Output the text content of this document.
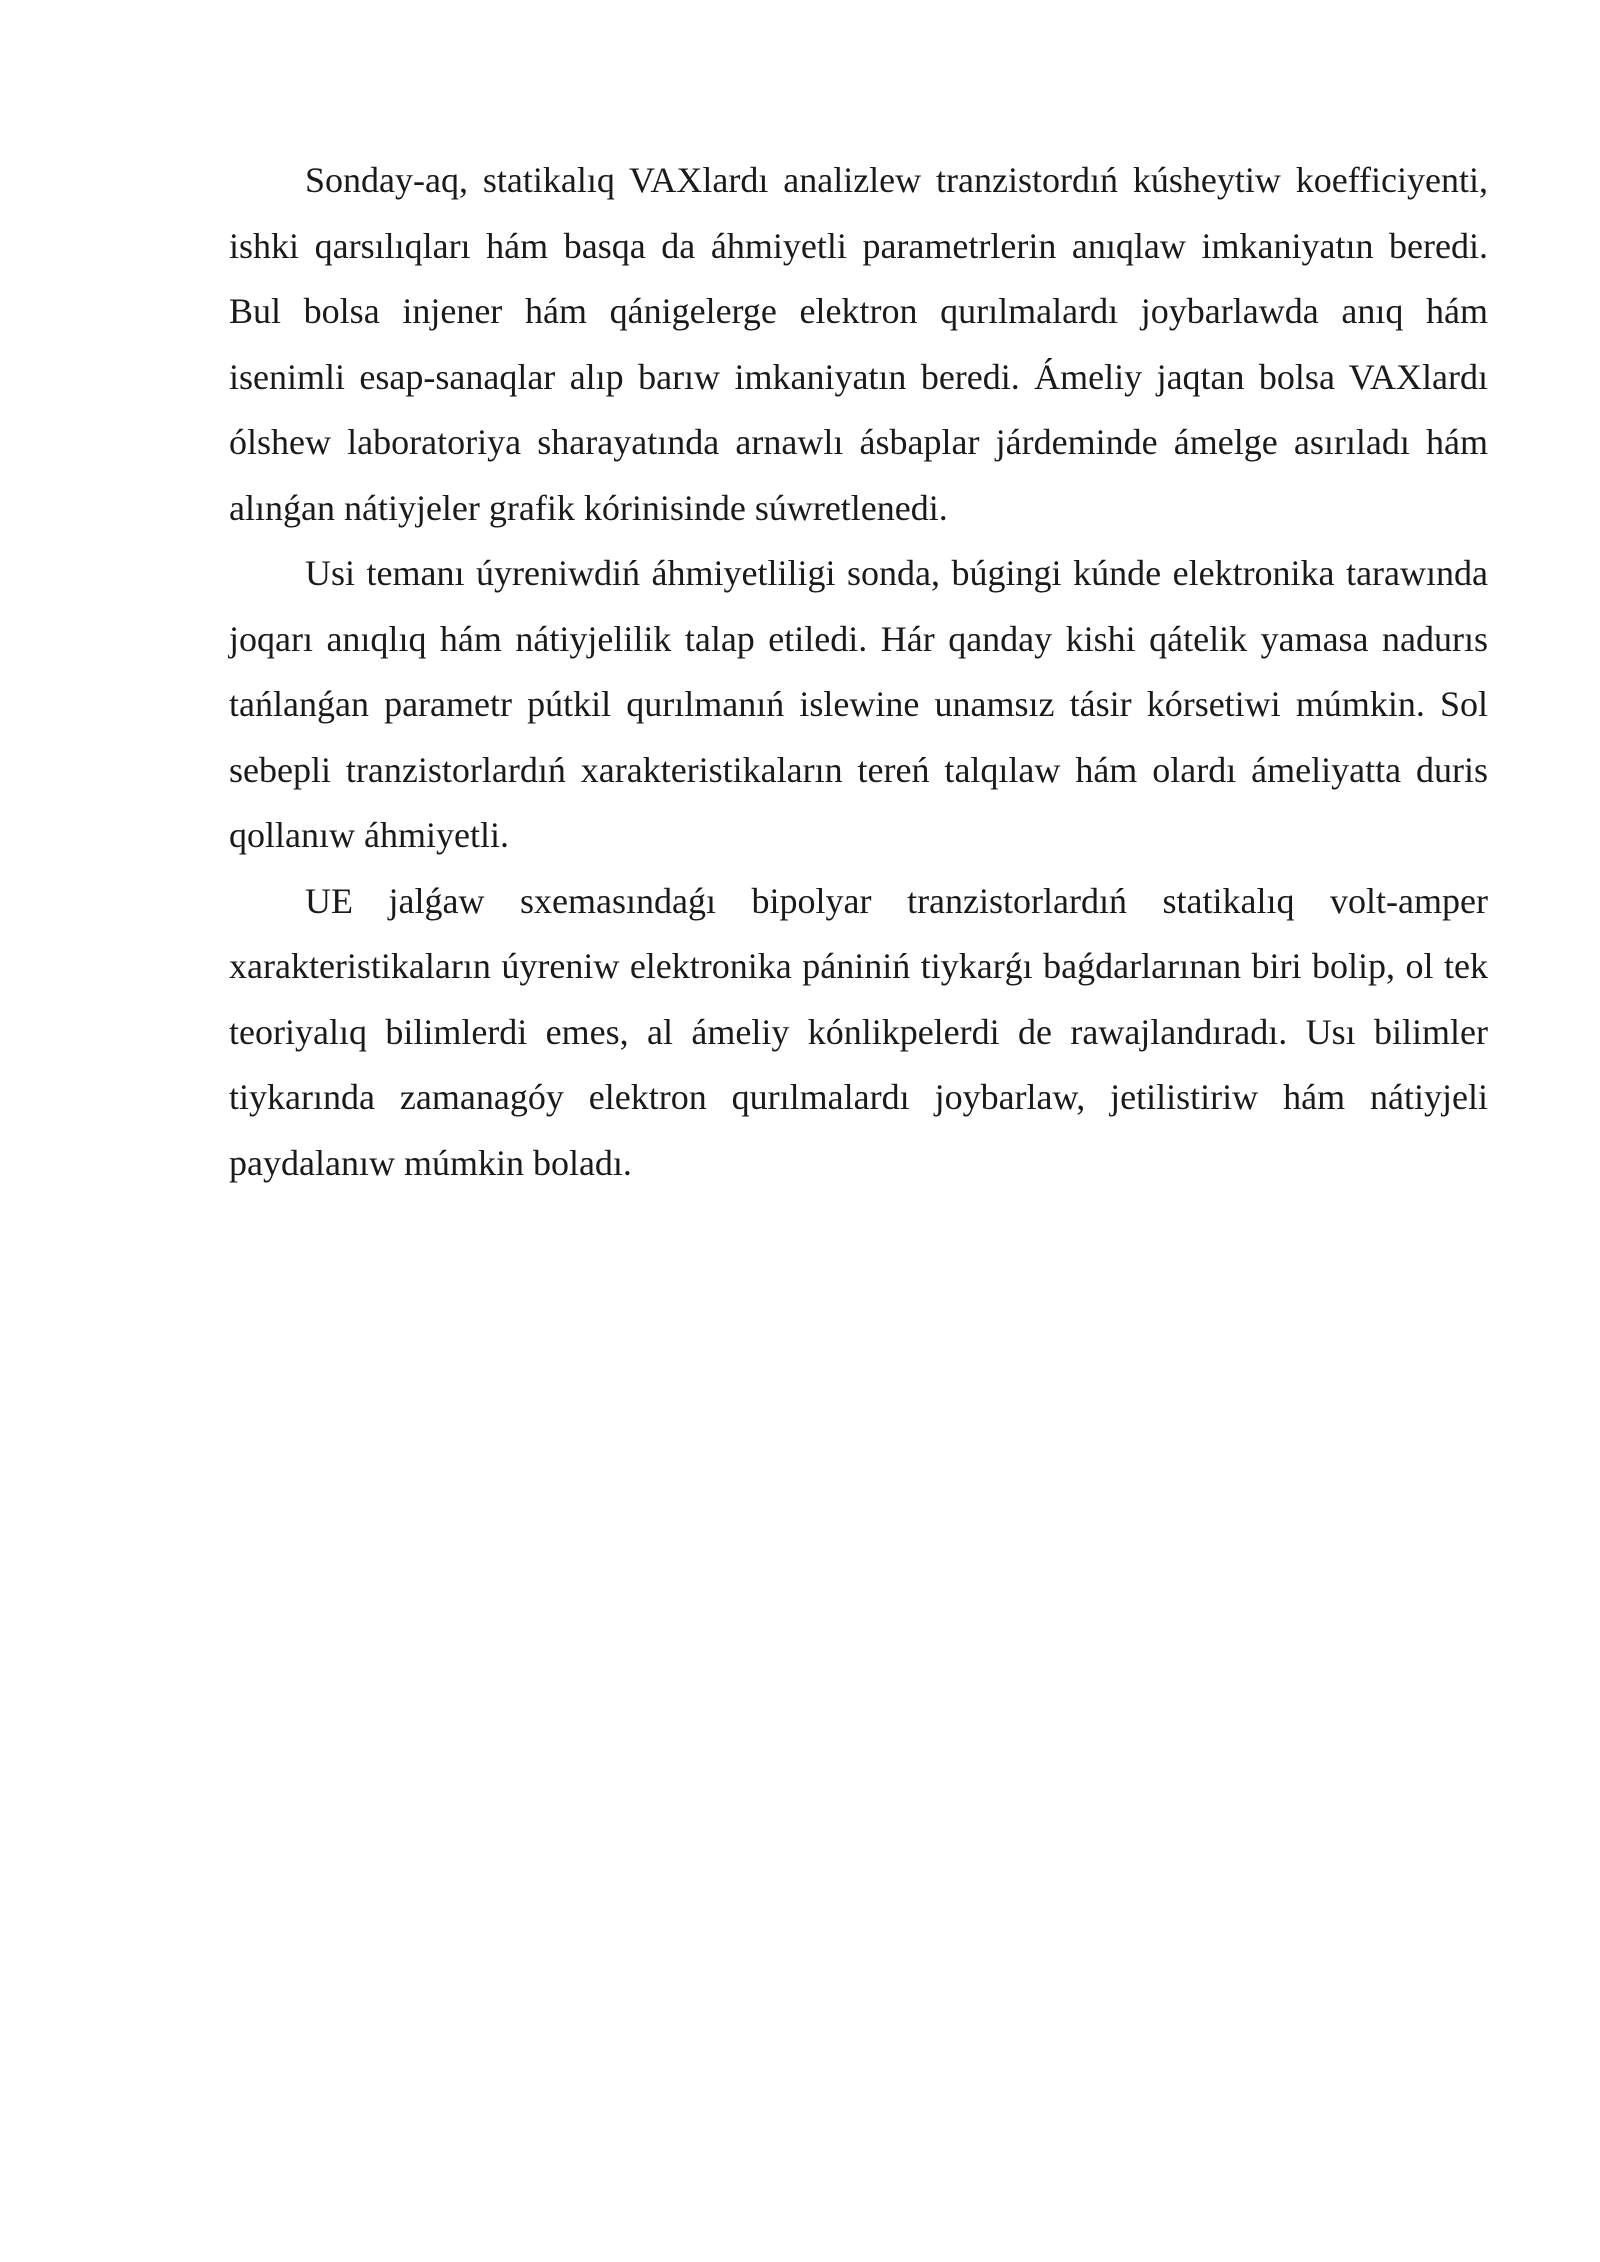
Sonday-aq, statikalıq VAXlardı analizlew tranzistordıń kúsheytiw koefficiyenti, ishki qarsılıqları hám basqa da áhmiyetli parametrlerin anıqlaw imkaniyatın beredi. Bul bolsa injener hám qánigelerge elektron qurılmalardı joybarlawda anıq hám isenimli esap-sanaqlar alıp barıw imkaniyatın beredi. Ámeliy jaqtan bolsa VAXlardı ólshew laboratoriya sharayatında arnawlı ásbaplar járdeminde ámelge asırıladı hám alınǵan nátiyjeler grafik kórinisinde súwretlenedi.

Usi temanı úyreniwdiń áhmiyetliligi sonda, búgingi kúnde elektronika tarawında joqarı anıqlıq hám nátiyjelilik talap etiledi. Hár qanday kishi qátelik yamasa nadurıs tańlanǵan parametr pútkil qurılmanıń islewine unamsız tásir kórsetiwi múmkin. Sol sebepli tranzistorlardıń xarakteristikaların tereń talqılaw hám olardı ámeliyatta duris qollanıw áhmiyetli.

UE jalǵaw sxemasındaǵı bipolyar tranzistorlardıń statikalıq volt-amper xarakteristikaların úyreniw elektronika pániniń tiykarǵı baǵdarlarınan biri bolip, ol tek teoriyalıq bilimlerdi emes, al ámeliy kónlikpelerdi de rawajlandıradı. Usı bilimler tiykarında zamanagóy elektron qurılmalardı joybarlaw, jetilistiriw hám nátiyjeli paydalanıw múmkin boladı.
